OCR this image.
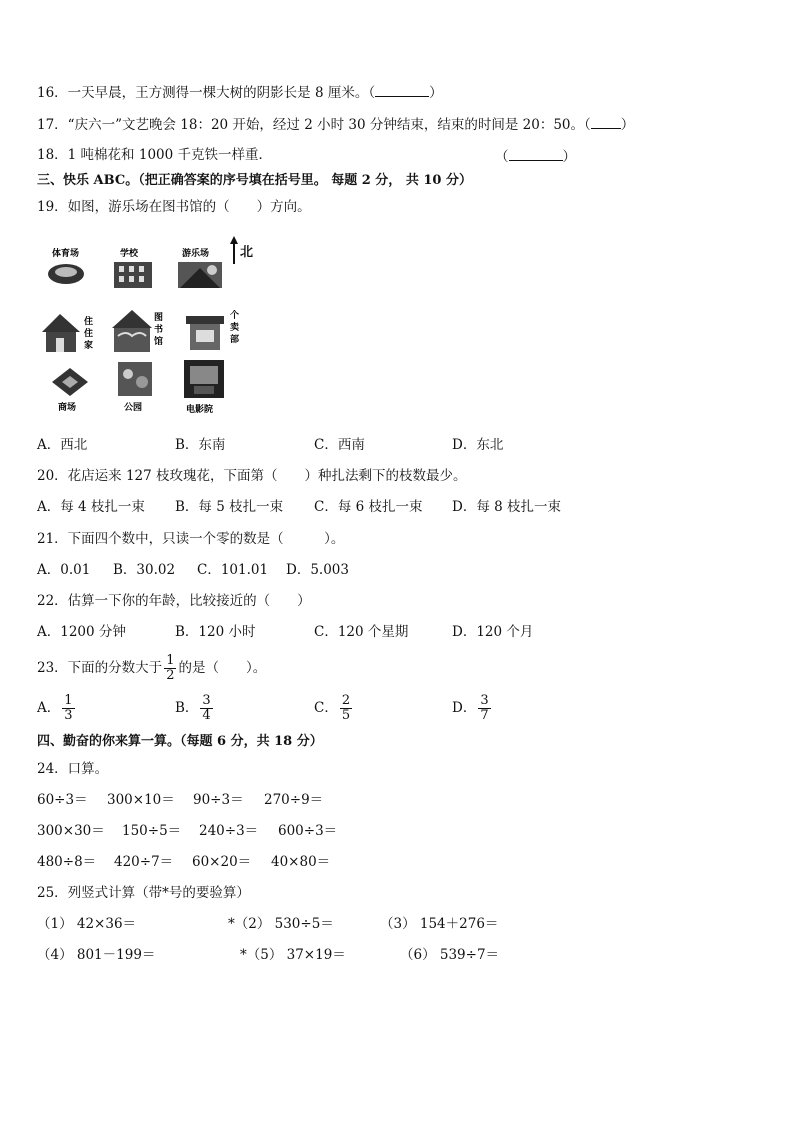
16．一天早晨，王方测得一棵大树的阴影长是 8 厘米。（	）
17．“庆六一”文艺晚会 18：20 开始，经过 2 小时 30 分钟结束，结束的时间是 20：50。（ ）
18．1 吨棉花和 1000 千克铁一样重．	（	）
三、快乐 ABC。（把正确答案的序号填在括号里。 每题 2 分， 共 10 分）
19．如图，游乐场在图书馆的（　　）方向。
北
体育场	学校	游乐场
住
住
家
图
书
馆
个
卖
部
商场	公园	电影院
A．西北	B．东南	C．西南	D．东北
20．花店运来 127 枝玫瑰花，下面第（　　）种扎法剩下的枝数最少。
A．每 4 枝扎一束 B．每 5 枝扎一束 C．每 6 枝扎一束 D．每 8 枝扎一束
21．下面四个数中，只读一个零的数是（　　　）。
A．0.01 B．30.02 C．101.01 D．5.003
22．估算一下你的年龄，比较接近的（　　）
A．1200 分钟	B．120 小时	C．120 个星期	D．120 个月
23．下面的分数大于 $\frac{1}{2}$ 的是（　　）。
A． $\frac{1}{3}$	B． $\frac{3}{4}$	C． $\frac{2}{5}$	D． $\frac{3}{7}$
四、勤奋的你来算一算。（每题 6 分，共 18 分）
24．口算。
60÷3＝ 300×10＝ 90÷3＝ 270÷9＝
300×30＝ 150÷5＝ 240÷3＝ 600÷3＝
480÷8＝ 420÷7＝ 60×20＝ 40×80＝
25．列竖式计算（带*号的要验算）
（1） 42×36＝	*（2） 530÷5＝	（3） 154＋276＝
（4） 801－199＝	*（5） 37×19＝	（6） 539÷7＝
